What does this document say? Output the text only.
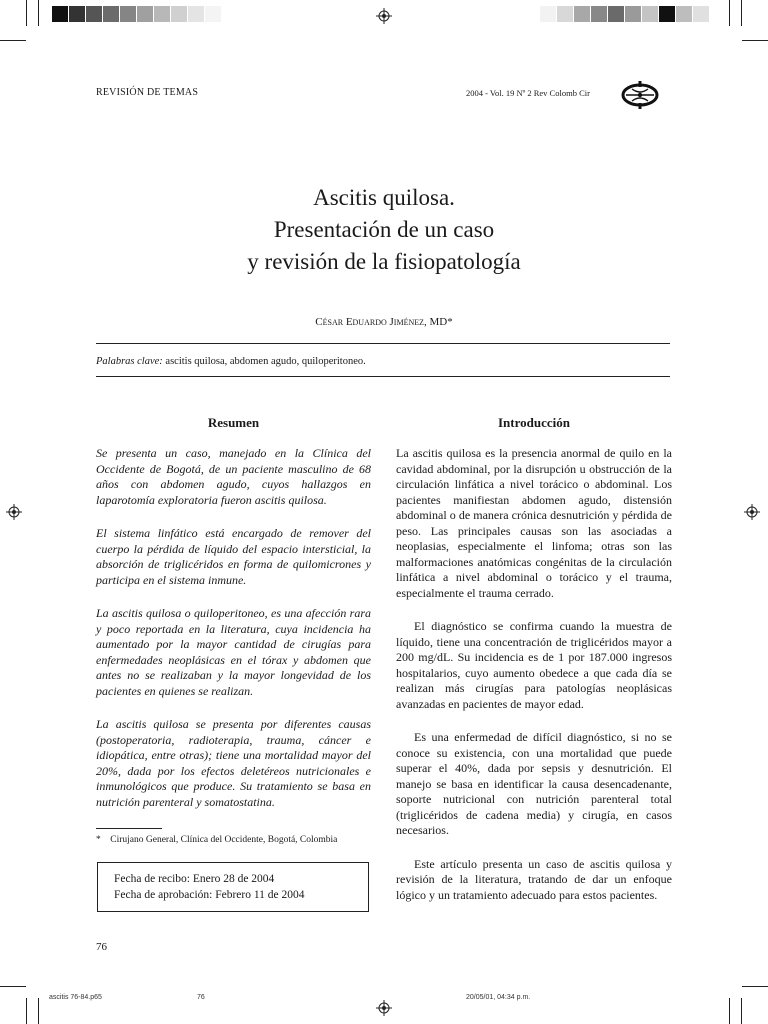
REVISIÓN DE TEMAS	2004 - Vol. 19 Nº 2 Rev Colomb Cir
Ascitis quilosa.
Presentación de un caso
y revisión de la fisiopatología
César Eduardo Jiménez, MD*
Palabras clave: ascitis quilosa, abdomen agudo, quiloperitoneo.
Resumen	Introducción

Se presenta un caso, manejado en la Clínica del Occidente de Bogotá, de un paciente masculino de 68 años con abdomen agudo, cuyos hallazgos en laparotomía exploratoria fueron ascitis quilosa.

El sistema linfático está encargado de remover del cuerpo la pérdida de líquido del espacio intersticial, la absorción de triglicéridos en forma de quilomicrones y participa en el sistema inmune.

La ascitis quilosa o quiloperitoneo, es una afección rara y poco reportada en la literatura, cuya incidencia ha aumentado por la mayor cantidad de cirugías para enfermedades neoplásicas en el tórax y abdomen que antes no se realizaban y la mayor longevidad de los pacientes en quienes se realizan.

La ascitis quilosa se presenta por diferentes causas (postoperatoria, radioterapia, trauma, cáncer e idiopática, entre otras); tiene una mortalidad mayor del 20%, dada por los efectos deletéreos nutricionales e inmunológicos que produce. Su tratamiento se basa en nutrición parenteral y somatostatina.

La ascitis quilosa es la presencia anormal de quilo en la cavidad abdominal, por la disrupción u obstrucción de la circulación linfática a nivel torácico o abdominal. Los pacientes manifiestan abdomen agudo, distensión abdominal o de manera crónica desnutrición y pérdida de peso. Las principales causas son las asociadas a neoplasias, especialmente el linfoma; otras son las malformaciones anatómicas congénitas de la circulación linfática a nivel abdominal o torácico y el trauma, especialmente el trauma cerrado.

El diagnóstico se confirma cuando la muestra de líquido, tiene una concentración de triglicéridos mayor a 200 mg/dL. Su incidencia es de 1 por 187.000 ingresos hospitalarios, cuyo aumento obedece a que cada día se realizan más cirugías para patologías neoplásicas avanzadas en pacientes de mayor edad.

Es una enfermedad de difícil diagnóstico, si no se conoce su existencia, con una mortalidad que puede superar el 40%, dada por sepsis y desnutrición. El manejo se basa en identificar la causa desencadenante, soporte nutricional con nutrición parenteral total (triglicéridos de cadena media) y cirugía, en casos necesarios.

Este artículo presenta un caso de ascitis quilosa y revisión de la literatura, tratando de dar un enfoque lógico y un tratamiento adecuado para estos pacientes.

*    Cirujano General, Clínica del Occidente, Bogotá, Colombia
Fecha de recibo: Enero 28 de 2004
Fecha de aprobación: Febrero 11 de 2004
76
ascitis 76-84.p65	76	20/05/01, 04:34 p.m.
